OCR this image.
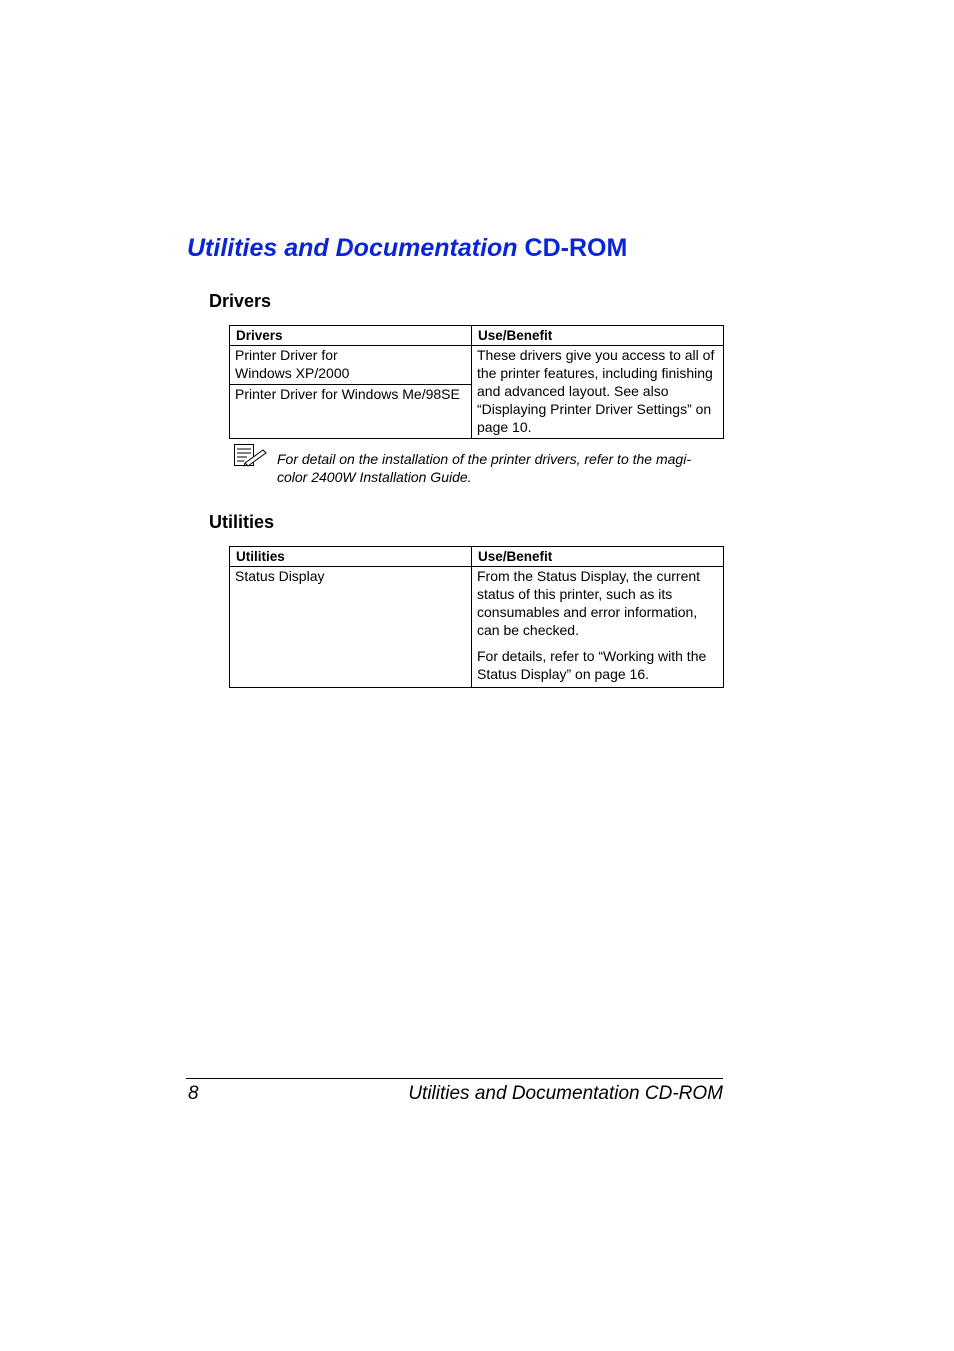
Utilities and Documentation CD-ROM
Drivers
Drivers	Use/Benefit

Printer Driver for
Windows XP/2000	These drivers give you access to all of the printer features, including finishing and advanced layout. See also “Displaying Printer Driver Settings” on page 10.

Printer Driver for Windows Me/98SE	

For detail on the installation of the printer drivers, refer to the magi-color 2400W Installation Guide.

Utilities
Utilities	Use/Benefit
Status Display	From the Status Display, the current status of this printer, such as its consumables and error information, can be checked.
For details, refer to “Working with the Status Display” on page 16.
8	Utilities and Documentation CD-ROM
